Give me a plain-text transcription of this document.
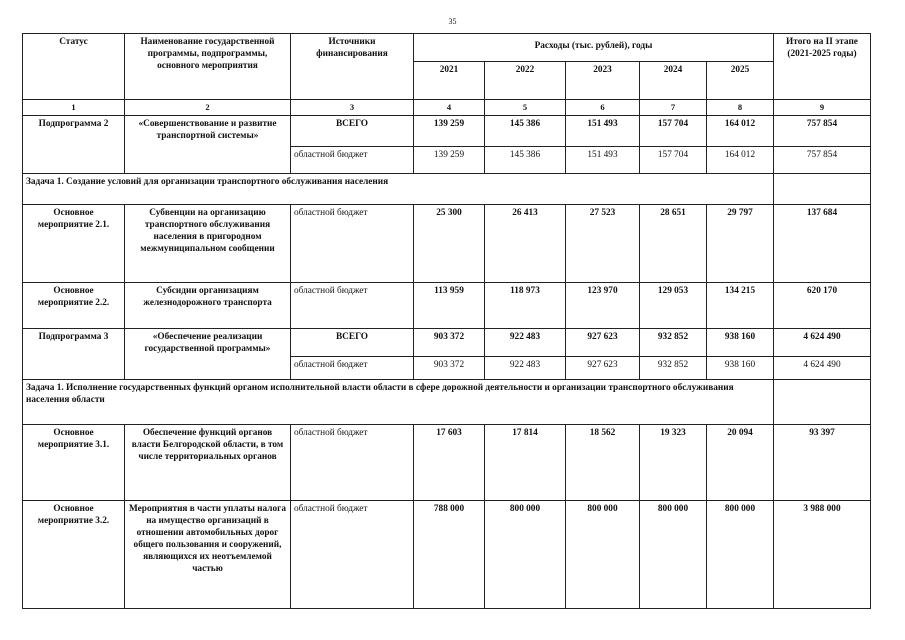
35
Статус	Наименование государственной программы, подпрограммы, основного мероприятия	Источники финансирования	Расходы (тыс. рублей), годы					Итого на II этапе (2021-2025 годы)
			2021	2022	2023	2024	2025	
1	2	3	4	5	6	7	8	9
Подпрограмма 2	«Совершенствование и развитие транспортной системы»	ВСЕГО	139 259	145 386	151 493	157 704	164 012	757 854
		областной бюджет	139 259	145 386	151 493	157 704	164 012	757 854
Задача 1. Создание условий для организации транспортного обслуживания населения								
Основное мероприятие 2.1.	Субвенции на организацию транспортного обслуживания населения в пригородном межмуниципальном сообщении	областной бюджет	25 300	26 413	27 523	28 651	29 797	137 684
Основное мероприятие 2.2.	Субсидии организациям железнодорожного транспорта	областной бюджет	113 959	118 973	123 970	129 053	134 215	620 170
Подпрограмма 3	«Обеспечение реализации государственной программы»	ВСЕГО	903 372	922 483	927 623	932 852	938 160	4 624 490
		областной бюджет	903 372	922 483	927 623	932 852	938 160	4 624 490
Задача 1. Исполнение государственных функций органом исполнительной власти области в сфере дорожной деятельности и организации транспортного обслуживания населения области								
Основное мероприятие 3.1.	Обеспечение функций органов власти Белгородской области, в том числе территориальных органов	областной бюджет	17 603	17 814	18 562	19 323	20 094	93 397
Основное мероприятие 3.2.	Мероприятия в части уплаты налога на имущество организаций в отношении автомобильных дорог общего пользования и сооружений, являющихся их неотъемлемой частью	областной бюджет	788 000	800 000	800 000	800 000	800 000	3 988 000
